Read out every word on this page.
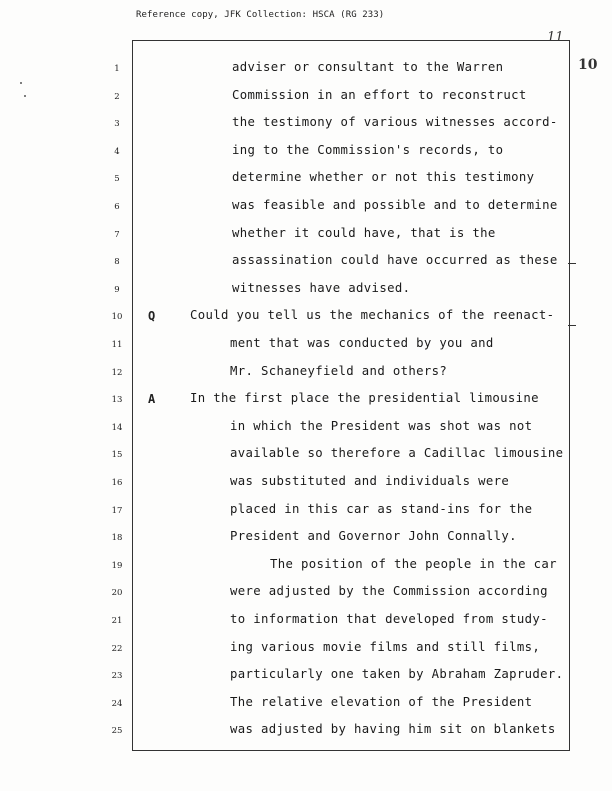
Reference copy, JFK Collection: HSCA (RG 233)
11
10
1	adviser or consultant to the Warren
2	Commission in an effort to reconstruct
3	the testimony of various witnesses accord-
4	ing to the Commission's records, to
5	determine whether or not this testimony
6	was feasible and possible and to determine
7	whether it could have, that is the
8	assassination could have occurred as these
9	witnesses have advised.
10	Q	Could you tell us the mechanics of the reenact-
11	ment that was conducted by you and
12	Mr. Schaneyfield and others?
13	A	In the first place the presidential limousine
14	in which the President was shot was not
15	available so therefore a Cadillac limousine
16	was substituted and individuals were
17	placed in this car as stand-ins for the
18	President and Governor John Connally.
19	The position of the people in the car
20	were adjusted by the Commission according
21	to information that developed from study-
22	ing various movie films and still films,
23	particularly one taken by Abraham Zapruder.
24	The relative elevation of the President
25	was adjusted by having him sit on blankets
